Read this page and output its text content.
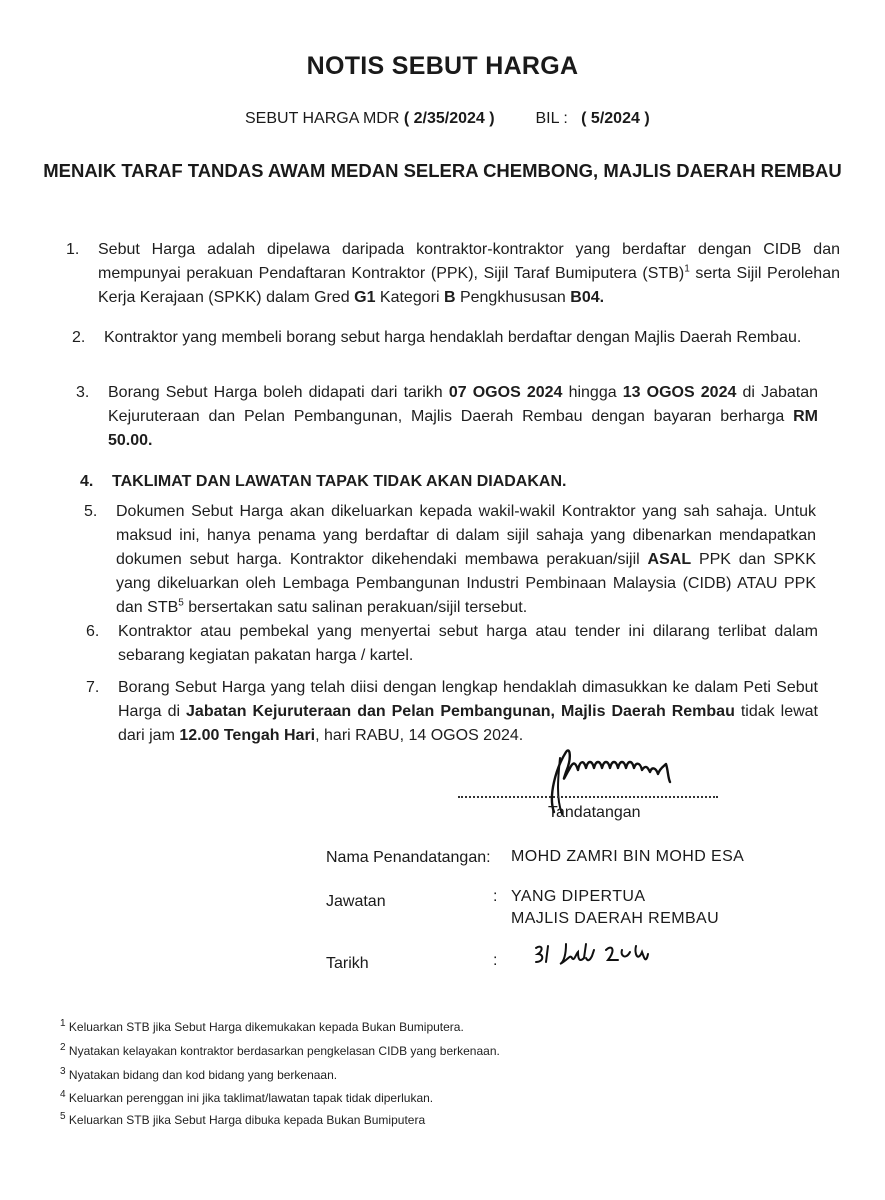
NOTIS SEBUT HARGA
SEBUT HARGA MDR ( 2/35/2024 )	BIL : ( 5/2024 )
MENAIK TARAF TANDAS AWAM MEDAN SELERA CHEMBONG, MAJLIS DAERAH REMBAU
1. Sebut Harga adalah dipelawa daripada kontraktor-kontraktor yang berdaftar dengan CIDB dan mempunyai perakuan Pendaftaran Kontraktor (PPK), Sijil Taraf Bumiputera (STB)$^1$ serta Sijil Perolehan Kerja Kerajaan (SPKK) dalam Gred G1 Kategori B Pengkhususan B04.
2. Kontraktor yang membeli borang sebut harga hendaklah berdaftar dengan Majlis Daerah Rembau.
3. Borang Sebut Harga boleh didapati dari tarikh 07 OGOS 2024 hingga 13 OGOS 2024 di Jabatan Kejuruteraan dan Pelan Pembangunan, Majlis Daerah Rembau dengan bayaran berharga RM 50.00.
4. TAKLIMAT DAN LAWATAN TAPAK TIDAK AKAN DIADAKAN.
5. Dokumen Sebut Harga akan dikeluarkan kepada wakil-wakil Kontraktor yang sah sahaja. Untuk maksud ini, hanya penama yang berdaftar di dalam sijil sahaja yang dibenarkan mendapatkan dokumen sebut harga. Kontraktor dikehendaki membawa perakuan/sijil ASAL PPK dan SPKK yang dikeluarkan oleh Lembaga Pembangunan Industri Pembinaan Malaysia (CIDB) ATAU PPK dan STB$^5$ bersertakan satu salinan perakuan/sijil tersebut.
6. Kontraktor atau pembekal yang menyertai sebut harga atau tender ini dilarang terlibat dalam sebarang kegiatan pakatan harga / kartel.
7. Borang Sebut Harga yang telah diisi dengan lengkap hendaklah dimasukkan ke dalam Peti Sebut Harga di Jabatan Kejuruteraan dan Pelan Pembangunan, Majlis Daerah Rembau tidak lewat dari jam 12.00 Tengah Hari, hari RABU, 14 OGOS 2024.
Tandatangan
Nama Penandatangan: MOHD ZAMRI BIN MOHD ESA
Jawatan	: YANG DIPERTUA
MAJLIS DAERAH REMBAU
Tarikh	:
$^1$ Keluarkan STB jika Sebut Harga dikemukakan kepada Bukan Bumiputera.
$^2$ Nyatakan kelayakan kontraktor berdasarkan pengkelasan CIDB yang berkenaan.
$^3$ Nyatakan bidang dan kod bidang yang berkenaan.
$^4$ Keluarkan perenggan ini jika taklimat/lawatan tapak tidak diperlukan.
$^5$ Keluarkan STB jika Sebut Harga dibuka kepada Bukan Bumiputera
